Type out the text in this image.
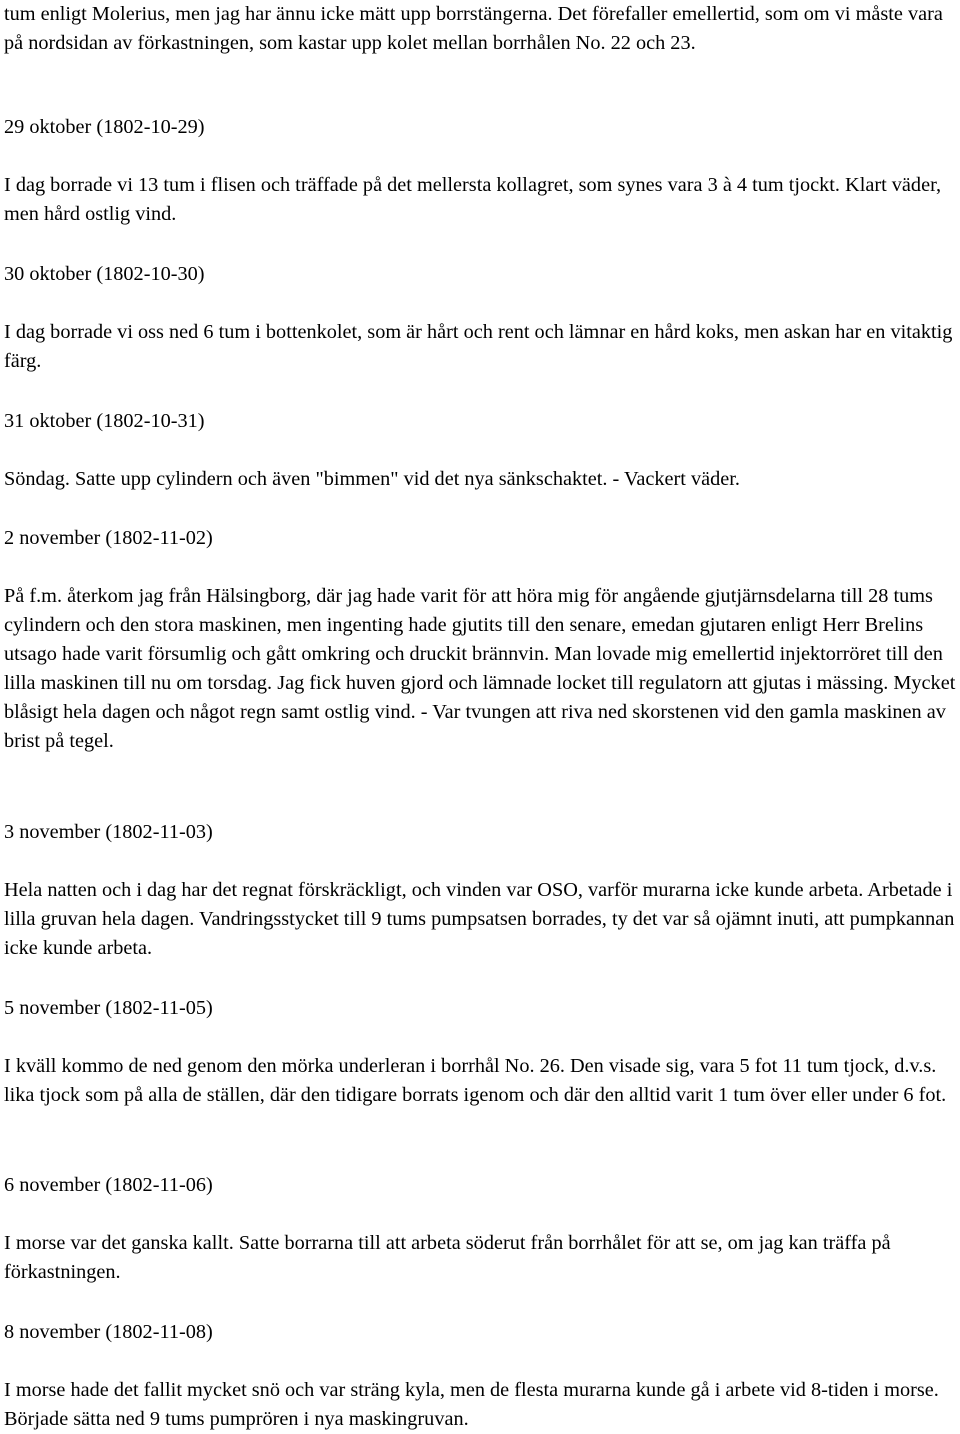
tum enligt Molerius, men jag har ännu icke mätt upp borrstängerna. Det förefaller emellertid, som om vi måste vara på nordsidan av förkastningen, som kastar upp kolet mellan borrhålen No. 22 och 23.

29 oktober (1802-10-29)

I dag borrade vi 13 tum i flisen och träffade på det mellersta kollagret, som synes vara 3 à 4 tum tjockt. Klart väder, men hård ostlig vind.

30 oktober (1802-10-30)

I dag borrade vi oss ned 6 tum i bottenkolet, som är hårt och rent och lämnar en hård koks, men askan har en vitaktig färg.

31 oktober (1802-10-31)

Söndag. Satte upp cylindern och även "bimmen" vid det nya sänkschaktet. - Vackert väder.

2 november (1802-11-02)

På f.m. återkom jag från Hälsingborg, där jag hade varit för att höra mig för angående gjutjärnsdelarna till 28 tums cylindern och den stora maskinen, men ingenting hade gjutits till den senare, emedan gjutaren enligt Herr Brelins utsago hade varit försumlig och gått omkring och druckit brännvin. Man lovade mig emellertid injektorröret till den lilla maskinen till nu om torsdag. Jag fick huven gjord och lämnade locket till regulatorn att gjutas i mässing. Mycket blåsigt hela dagen och något regn samt ostlig vind. - Var tvungen att riva ned skorstenen vid den gamla maskinen av brist på tegel.

3 november (1802-11-03)

Hela natten och i dag har det regnat förskräckligt, och vinden var OSO, varför murarna icke kunde arbeta. Arbetade i lilla gruvan hela dagen. Vandringsstycket till 9 tums pumpsatsen borrades, ty det var så ojämnt inuti, att pumpkannan icke kunde arbeta.

5 november (1802-11-05)

I kväll kommo de ned genom den mörka underleran i borrhål No. 26. Den visade sig, vara 5 fot 11 tum tjock, d.v.s. lika tjock som på alla de ställen, där den tidigare borrats igenom och där den alltid varit 1 tum över eller under 6 fot.

6 november (1802-11-06)

I morse var det ganska kallt. Satte borrarna till att arbeta söderut från borrhålet för att se, om jag kan träffa på förkastningen.

8 november (1802-11-08)

I morse hade det fallit mycket snö och var sträng kyla, men de flesta murarna kunde gå i arbete vid 8-tiden i morse. Började sätta ned 9 tums pumprören i nya maskingruvan.
